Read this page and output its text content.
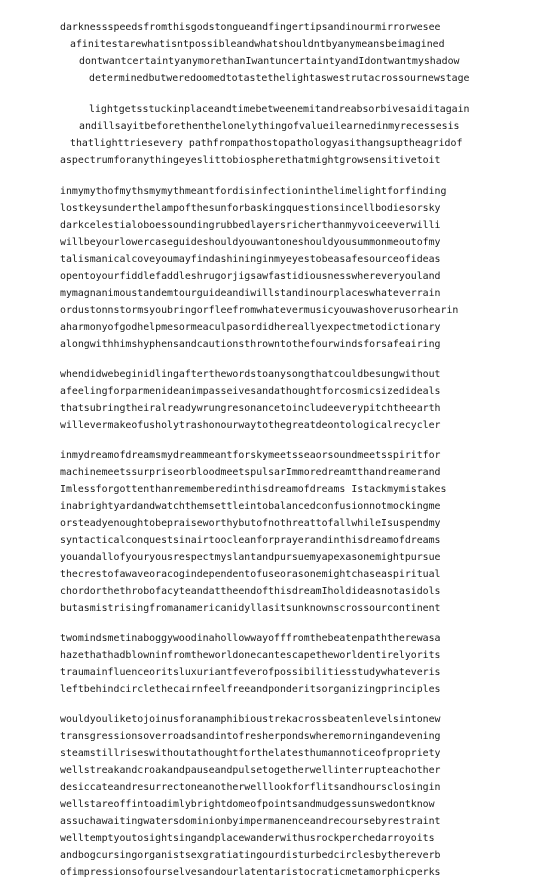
darknessspeedsfromthisgodstongueandfingertipsandinourmirrorwesee
afinitestarewhatisntpossibleandwhatshouldntbyanymeansbeimagined
dontwantcertaintyanymorethanIwantuncertaintyandIdontwantmyshadow
determinedbutweredoomedtotastethelightaswestrutacrossournewstage
lightgetsstuckinplaceandtimebetweenemitandreabsorbivesaiditagain
andillsayitbeforethenthelonelythingofvalueilearnedinmyrecessesis
thatlighttriesevery pathfrompathostopathologyasithangsuptheagridof
aspectrumforanythingeyeslittobiospherethatmightgrowsensitivetoit
inmymythofmythsmymythmeantfordisinfectioninthelimelightforfinding
lostkeysunderthelampofthesunforbaskingquestionsincellbodiesorsky
darkcelestialoboessoundingrubbedlayersricherthanmyvoiceeverwilli
willbeyourlowercaseguideshouldyouwantoneshouldyousummonmeoutofmy
talismanicalcoveyoumayfindashininginmyeyestobeasafesourceofideas
opentoyourfiddlefaddleshrugorjigsawfastidiousnesswhereveryouland
mymagnanimoustandemtourguideandiwillstandinourplaceswhateverrain
ordustonnstormsyoubringorfleefromwhatevermusicyouwashoverusorhearin
aharmonyofgodhelpmesormeaculpasordidhereallyexpectmetodictionary
alongwithhimshyphensandcautionsthrowntothefourwindsforsafeairing
whendidwebeginidlingafterthewordstoanysongthatcouldbesungwithout
afeelingforparmenideanimpasseivesandathoughtforcosmicsizedideals
thatsubringtheiralreadywrungresonancetoincludeeverypitchtheearth
willevermakeofusholytrashonourwaytothegreatdeontologicalrecycler
inmydreamofdreamsmydreammeantforskymeetsseaorsoundmeetsspiritfor
machinemeetssurpriseorbloodmeetspulsarImmoredreamtthandreamerand
Imlessforgottenthanrememberedinthisdreamofdreams Istackmymistakes
inabrightyardandwatchthemsettleintobalancedconfusionnotmockingme
orsteadyenoughtobepraiseworthybutofnothreattofallwhileIsuspendmy
syntacticalconquestsinairtoocleanforprayerandinthisdreamofdreams
youandallofyouryousrespectmyslantandpursuemyapexasonemightpursue
thecrestofawaveoracogindependentofuseorasonemightchaseaspiritual
chordorthethrobofacyteandattheendofthisdreamIholdideasnotasidols
butasmistrisingfromanamericanidyllasitsunknownscrossourcontinent
twomindsmetinaboggywoodinahollowwayofffromthebeatenpaththerewasa
hazethathadblowninfromtheworldonecantescapetheworldentirelyorits
traumainfluenceoritsluxuriantfeverofpossibilitiesstudywhateveris
leftbehindcirclethecairnfeelfreeandponderitsorganizingprinciples
wouldyouliketojoinusforanamphibioustrekacrossbeatenlevelsintonew
transgressionsoverroadsandintofresherpondswheremorningandevening
steamstillriseswithoutathoughtforthelatesthumannoticeofpropriety
wellstreakandcroakandpauseandpulsetogetherwellinterrupteachother
desiccateandresurrectoneanotherwelllookforflitsandhoursclosingin
wellstareoffintoadimlybrightdomeofpointsandmudgessunswedontknow
assuchawaitingwatersdominionbyimpermanenceandrecoursebyrestraint
welltemptyoutosightsingandplacewanderwithusrockperchedarroyoits
andbogcursingorganistsexgratiatingourdisturbedcirclesbythereverb
ofimpressionsofourselvesandourlatentaristocraticmetamorphicperks
